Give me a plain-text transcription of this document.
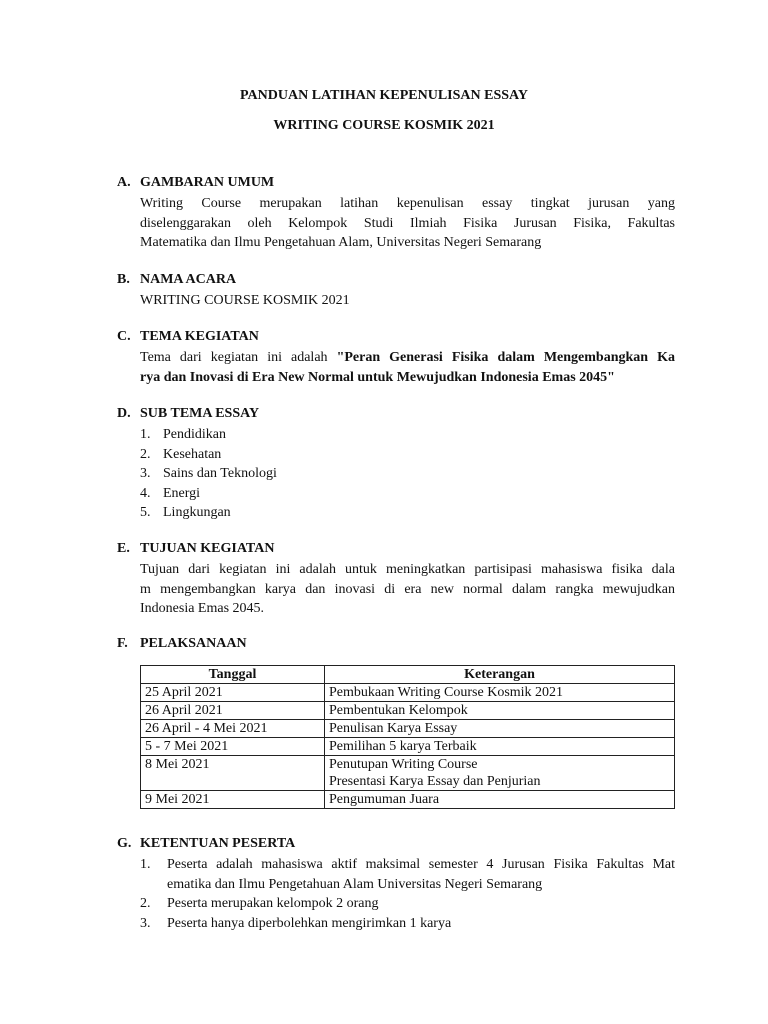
PANDUAN LATIHAN KEPENULISAN ESSAY
WRITING COURSE KOSMIK 2021
A. GAMBARAN UMUM
Writing Course merupakan latihan kepenulisan essay tingkat jurusan yang
diselenggarakan oleh Kelompok Studi Ilmiah Fisika Jurusan Fisika, Fakultas
Matematika dan Ilmu Pengetahuan Alam, Universitas Negeri Semarang
B. NAMA ACARA
WRITING COURSE KOSMIK 2021
C. TEMA KEGIATAN
Tema dari kegiatan ini adalah "Peran Generasi Fisika dalam Mengembangkan Ka
rya dan Inovasi di Era New Normal untuk Mewujudkan Indonesia Emas 2045"
D. SUB TEMA ESSAY
1. Pendidikan
2. Kesehatan
3. Sains dan Teknologi
4. Energi
5. Lingkungan
E. TUJUAN KEGIATAN
Tujuan dari kegiatan ini adalah untuk meningkatkan partisipasi mahasiswa fisika dala
m mengembangkan karya dan inovasi di era new normal dalam rangka mewujudkan
Indonesia Emas 2045.
F. PELAKSANAAN
Tanggal	Keterangan
25 April 2021	Pembukaan Writing Course Kosmik 2021
26 April 2021	Pembentukan Kelompok
26 April - 4 Mei 2021	Penulisan Karya Essay
5 - 7 Mei 2021	Pemilihan 5 karya Terbaik
8 Mei 2021	Penutupan Writing Course
Presentasi Karya Essay dan Penjurian

9 Mei 2021	Pengumuman Juara
G. KETENTUAN PESERTA
1.	Peserta adalah mahasiswa aktif maksimal semester 4 Jurusan Fisika Fakultas Mat
ematika dan Ilmu Pengetahuan Alam Universitas Negeri Semarang
2.	Peserta merupakan kelompok 2 orang
3.	Peserta hanya diperbolehkan mengirimkan 1 karya
